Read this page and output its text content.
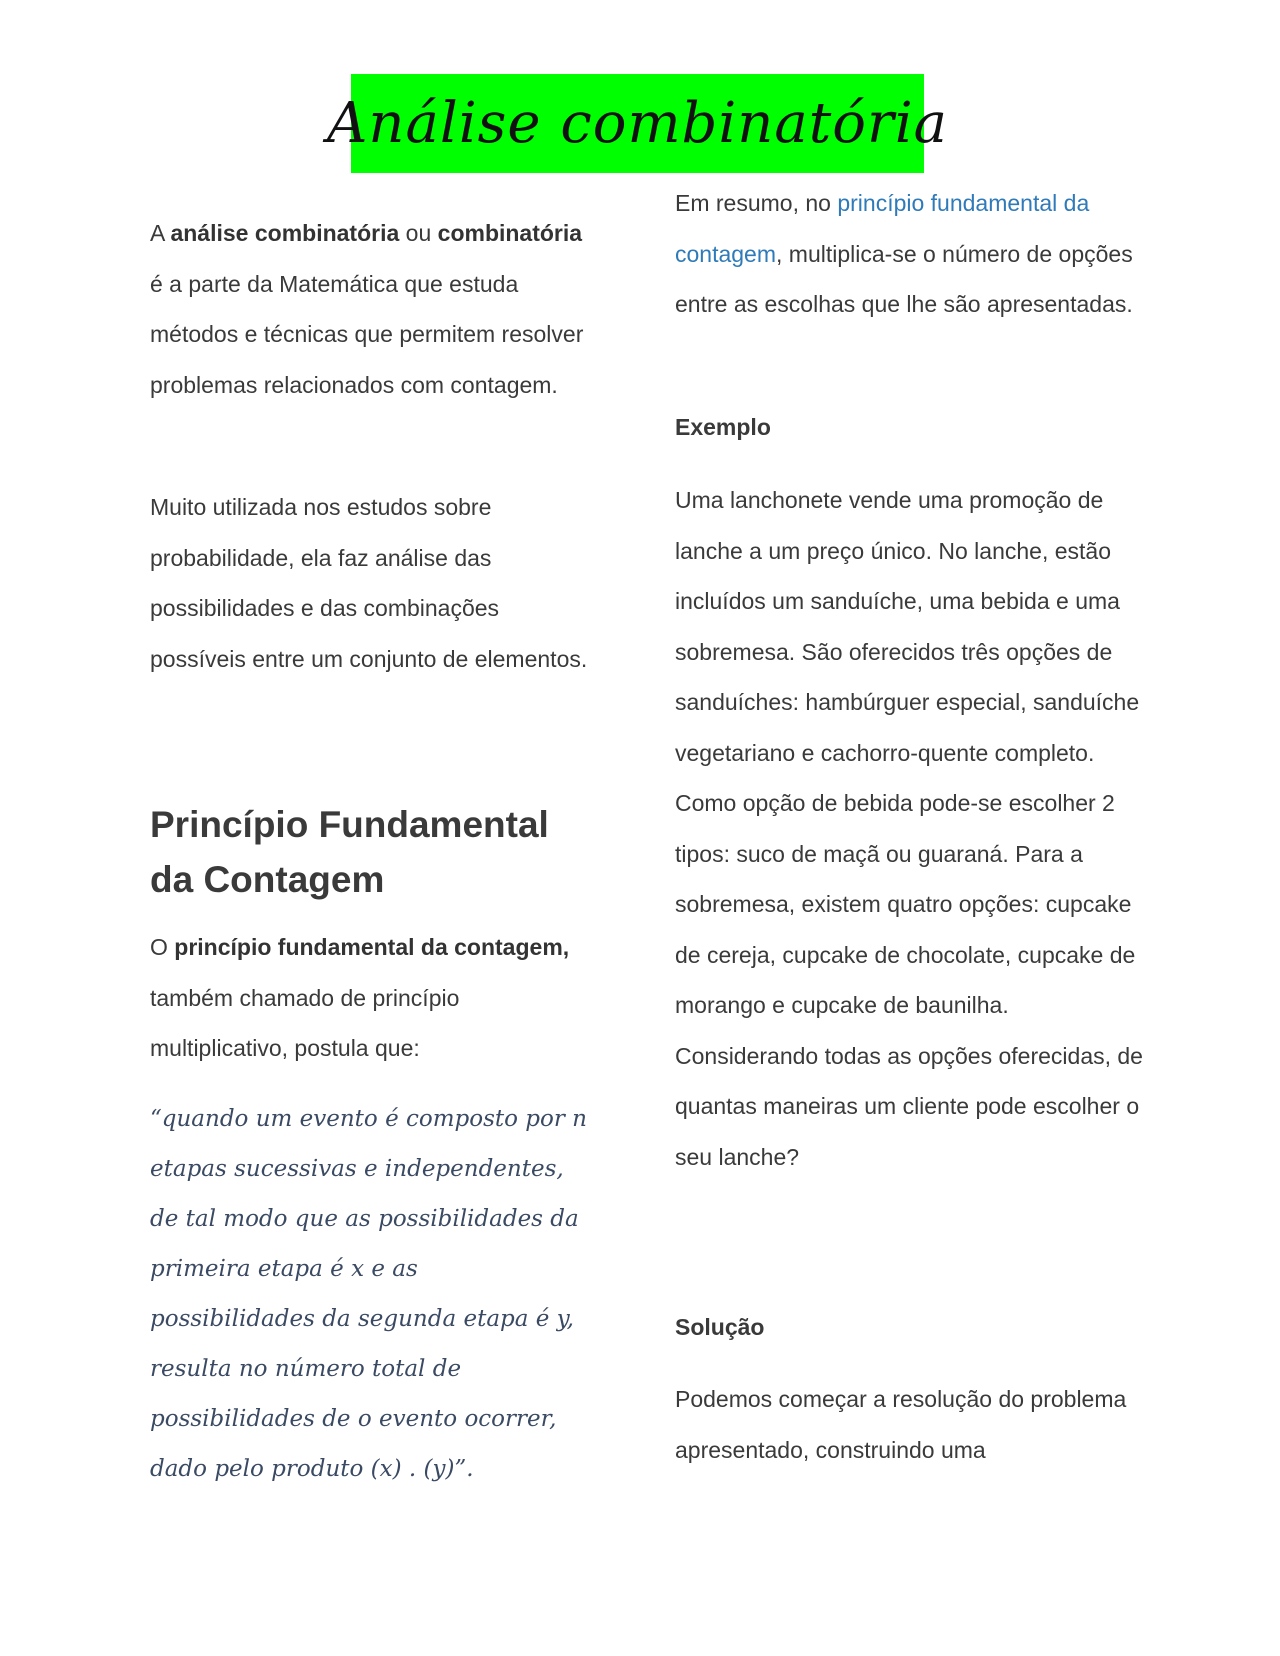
Análise combinatória

A análise combinatória ou combinatória é a parte da Matemática que estuda métodos e técnicas que permitem resolver problemas relacionados com contagem.

Muito utilizada nos estudos sobre probabilidade, ela faz análise das possibilidades e das combinações possíveis entre um conjunto de elementos.

Princípio Fundamental da Contagem

O princípio fundamental da contagem, também chamado de princípio multiplicativo, postula que:

“quando um evento é composto por n etapas sucessivas e independentes, de tal modo que as possibilidades da primeira etapa é x e as possibilidades da segunda etapa é y, resulta no número total de possibilidades de o evento ocorrer, dado pelo produto (x) . (y)”.

Em resumo, no princípio fundamental da contagem, multiplica-se o número de opções entre as escolhas que lhe são apresentadas.

Exemplo

Uma lanchonete vende uma promoção de lanche a um preço único. No lanche, estão incluídos um sanduíche, uma bebida e uma sobremesa. São oferecidos três opções de sanduíches: hambúrguer especial, sanduíche vegetariano e cachorro-quente completo. Como opção de bebida pode-se escolher 2 tipos: suco de maçã ou guaraná. Para a sobremesa, existem quatro opções: cupcake de cereja, cupcake de chocolate, cupcake de morango e cupcake de baunilha. Considerando todas as opções oferecidas, de quantas maneiras um cliente pode escolher o seu lanche?

Solução

Podemos começar a resolução do problema apresentado, construindo uma
